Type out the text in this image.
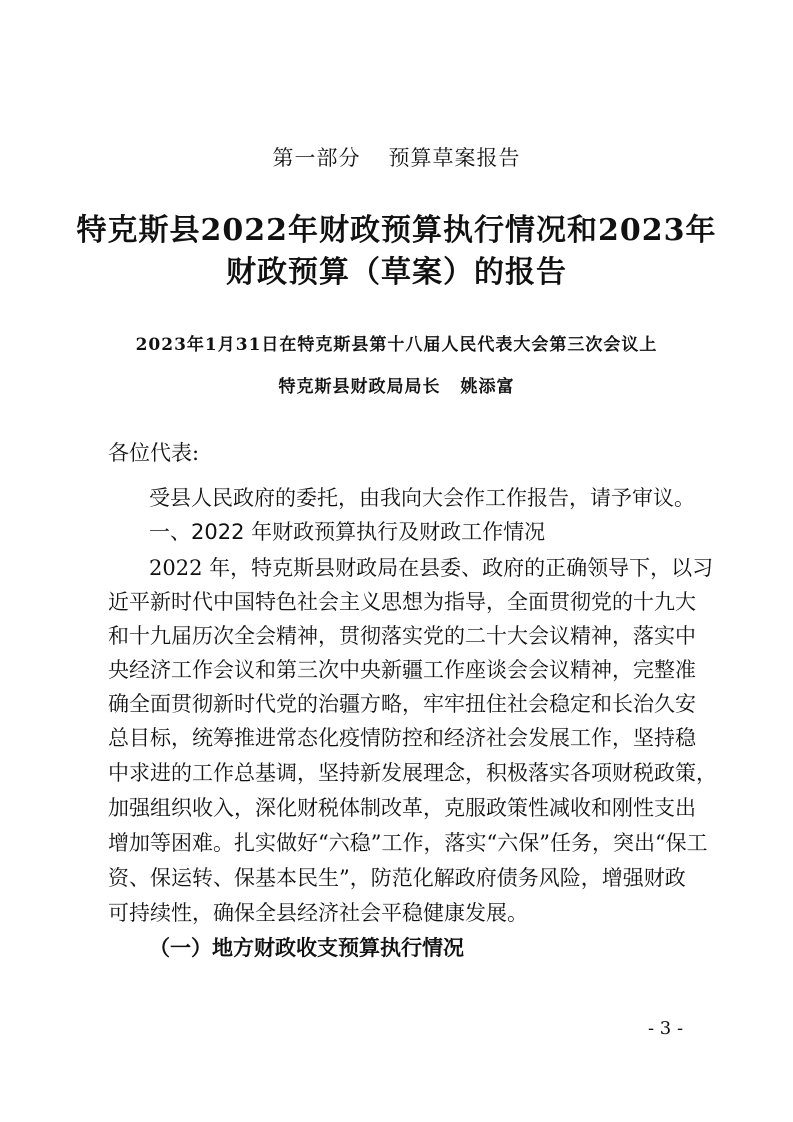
第一部分 预算草案报告
特克斯县2022年财政预算执行情况和2023年
财政预算（草案）的报告
2023年1月31日在特克斯县第十八届人民代表大会第三次会议上
特克斯县财政局局长 姚添富
各位代表:
受县人民政府的委托，由我向大会作工作报告，请予审议。
一、2022 年财政预算执行及财政工作情况
2022 年，特克斯县财政局在县委、政府的正确领导下，以习
近平新时代中国特色社会主义思想为指导，全面贯彻党的十九大
和十九届历次全会精神，贯彻落实党的二十大会议精神，落实中
央经济工作会议和第三次中央新疆工作座谈会会议精神，完整准
确全面贯彻新时代党的治疆方略，牢牢扭住社会稳定和长治久安
总目标，统筹推进常态化疫情防控和经济社会发展工作，坚持稳
中求进的工作总基调，坚持新发展理念，积极落实各项财税政策，
加强组织收入，深化财税体制改革，克服政策性减收和刚性支出
增加等困难。扎实做好“六稳”工作，落实“六保”任务，突出“保工
资、保运转、保基本民生”，防范化解政府债务风险，增强财政
可持续性，确保全县经济社会平稳健康发展。
（一）地方财政收支预算执行情况
- 3 -
